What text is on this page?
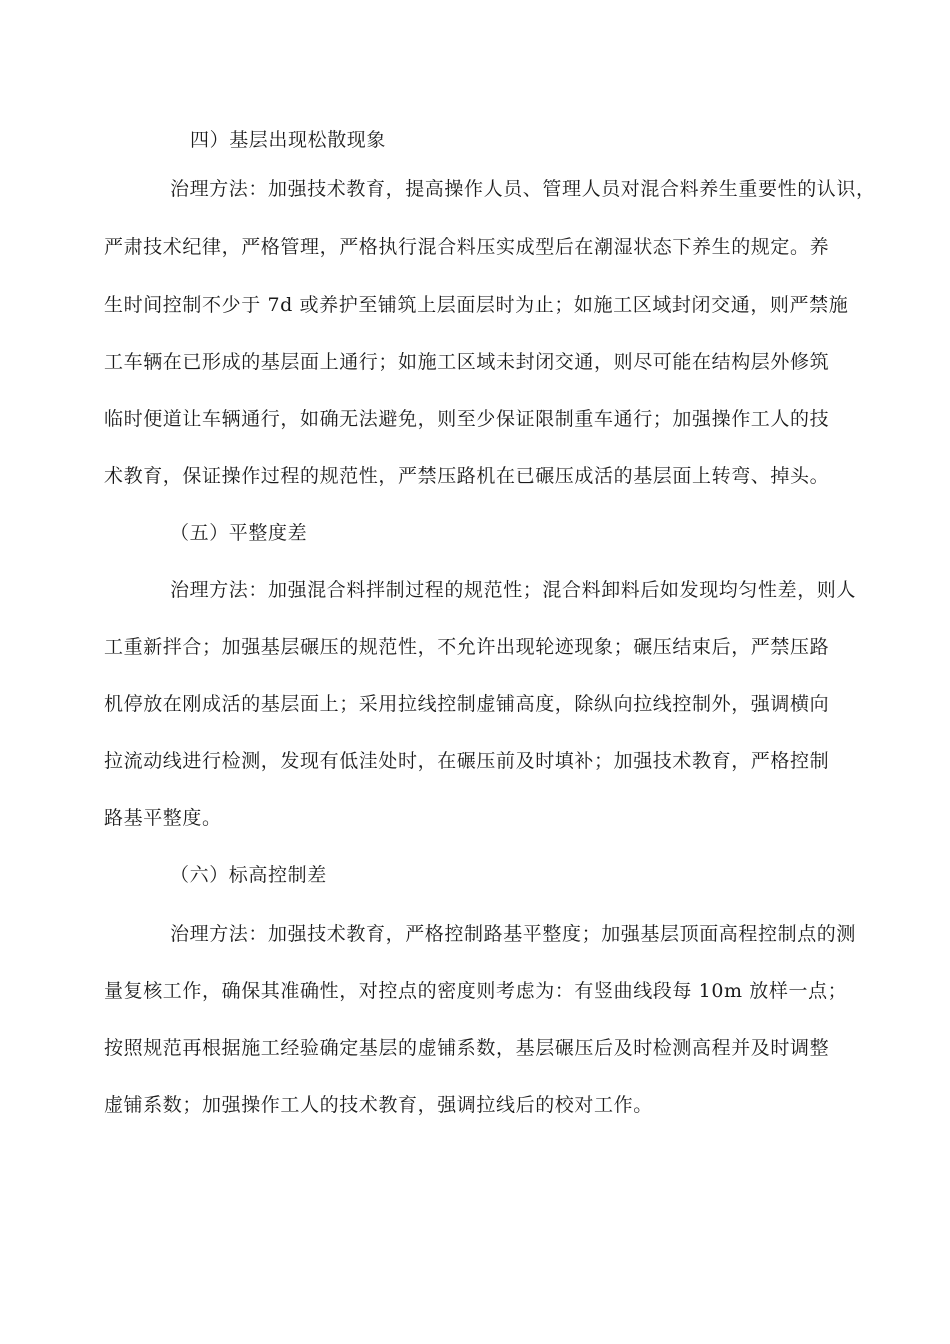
四）基层出现松散现象
治理方法：加强技术教育，提高操作人员、管理人员对混合料养生重要性的认识，
严肃技术纪律，严格管理，严格执行混合料压实成型后在潮湿状态下养生的规定。养
生时间控制不少于 7d 或养护至铺筑上层面层时为止；如施工区域封闭交通，则严禁施
工车辆在已形成的基层面上通行；如施工区域未封闭交通，则尽可能在结构层外修筑
临时便道让车辆通行，如确无法避免，则至少保证限制重车通行；加强操作工人的技
术教育，保证操作过程的规范性，严禁压路机在已碾压成活的基层面上转弯、掉头。
（五）平整度差
治理方法：加强混合料拌制过程的规范性；混合料卸料后如发现均匀性差，则人
工重新拌合；加强基层碾压的规范性，不允许出现轮迹现象；碾压结束后，严禁压路
机停放在刚成活的基层面上；采用拉线控制虚铺高度，除纵向拉线控制外，强调横向
拉流动线进行检测，发现有低洼处时，在碾压前及时填补；加强技术教育，严格控制
路基平整度。
（六）标高控制差
治理方法：加强技术教育，严格控制路基平整度；加强基层顶面高程控制点的测
量复核工作，确保其准确性，对控点的密度则考虑为：有竖曲线段每 10m 放样一点；
按照规范再根据施工经验确定基层的虚铺系数，基层碾压后及时检测高程并及时调整
虚铺系数；加强操作工人的技术教育，强调拉线后的校对工作。
